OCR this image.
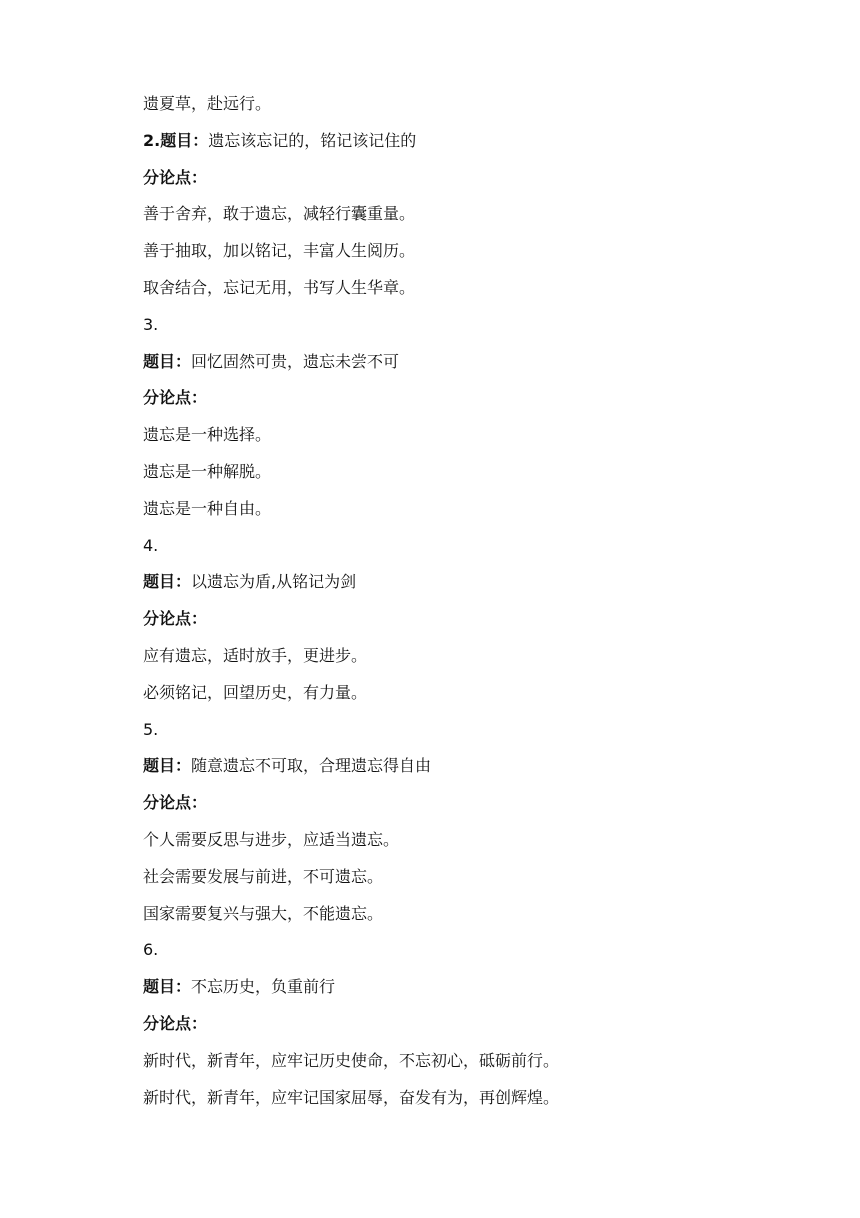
遗夏草，赴远行。
2.题目：遗忘该忘记的，铭记该记住的
分论点：
善于舍弃，敢于遗忘，减轻行囊重量。
善于抽取，加以铭记，丰富人生阅历。
取舍结合，忘记无用，书写人生华章。
3.
题目：回忆固然可贵，遗忘未尝不可
分论点：
遗忘是一种选择。
遗忘是一种解脱。
遗忘是一种自由。
4.
题目：以遗忘为盾,从铭记为剑
分论点：
应有遗忘，适时放手，更进步。
必须铭记，回望历史，有力量。
5.
题目：随意遗忘不可取，合理遗忘得自由
分论点：
个人需要反思与进步，应适当遗忘。
社会需要发展与前进，不可遗忘。
国家需要复兴与强大，不能遗忘。
6.
题目：不忘历史，负重前行
分论点：
新时代，新青年，应牢记历史使命，不忘初心，砥砺前行。
新时代，新青年，应牢记国家屈辱，奋发有为，再创辉煌。
